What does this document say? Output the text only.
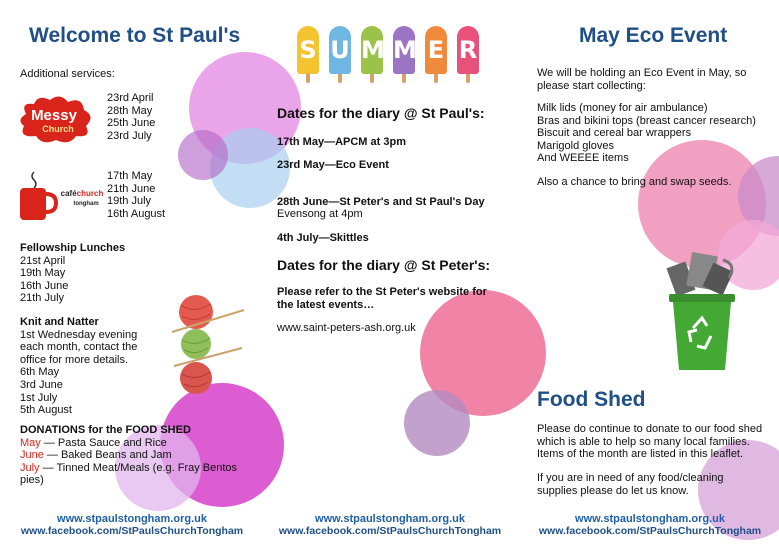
Welcome to St Paul's
Additional services:
Messy
Church
23rd April
28th May
25th June
23rd July
caféchurch
tongham
17th May
21th June
19th July
16th August
Fellowship Lunches
21st April
19th May
16th June
21th July
Knit and Natter
1st Wednesday evening
each month, contact the
office for more details.
6th May
3rd June
1st July
5th August
DONATIONS for the FOOD SHED
May — Pasta Sauce and Rice
June — Baked Beans and Jam
July — Tinned Meat/Meals (e.g. Fray Bentos
pies)
www.stpaulstongham.org.uk
www.facebook.com/StPaulsChurchTongham
S U M M E R
Dates for the diary @ St Paul's:
17th May—APCM at 3pm
23rd May—Eco Event
28th June—St Peter's and St Paul's Day
Evensong at 4pm
4th July—Skittles
Dates for the diary @ St Peter's:
Please refer to the St Peter's website for
the latest events…
www.saint-peters-ash.org.uk
www.stpaulstongham.org.uk
www.facebook.com/StPaulsChurchTongham
May Eco Event
We will be holding an Eco Event in May, so
please start collecting:
Milk lids (money for air ambulance)
Bras and bikini tops (breast cancer research)
Biscuit and cereal bar wrappers
Marigold gloves
And WEEEE items
Also a chance to bring and swap seeds.
Food Shed
Please do continue to donate to our food shed
which is able to help so many local families.
Items of the month are listed in this leaflet.
If you are in need of any food/cleaning
supplies please do let us know.
www.stpaulstongham.org.uk
www.facebook.com/StPaulsChurchTongham
